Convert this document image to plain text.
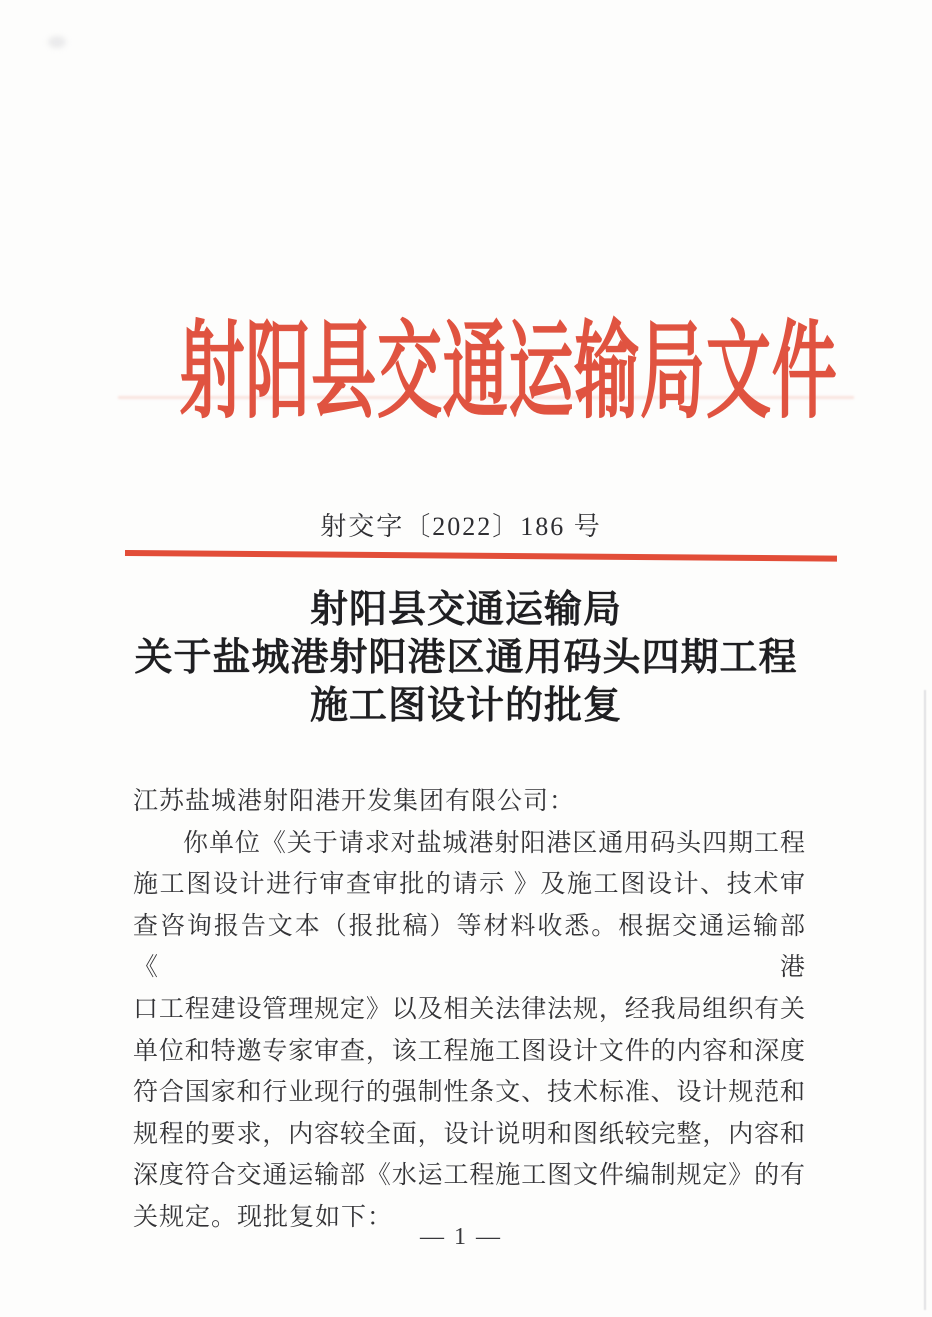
射阳县交通运输局文件
射交字〔2022〕186 号
射阳县交通运输局
关于盐城港射阳港区通用码头四期工程
施工图设计的批复
江苏盐城港射阳港开发集团有限公司：
你单位《关于请求对盐城港射阳港区通用码头四期工程
施工图设计进行审查审批的请示 》及施工图设计、技术审
查咨询报告文本（报批稿）等材料收悉。根据交通运输部《港
口工程建设管理规定》以及相关法律法规，经我局组织有关
单位和特邀专家审查，该工程施工图设计文件的内容和深度
符合国家和行业现行的强制性条文、技术标准、设计规范和
规程的要求，内容较全面，设计说明和图纸较完整，内容和
深度符合交通运输部《水运工程施工图文件编制规定》的有
关规定。现批复如下：
— 1 —
